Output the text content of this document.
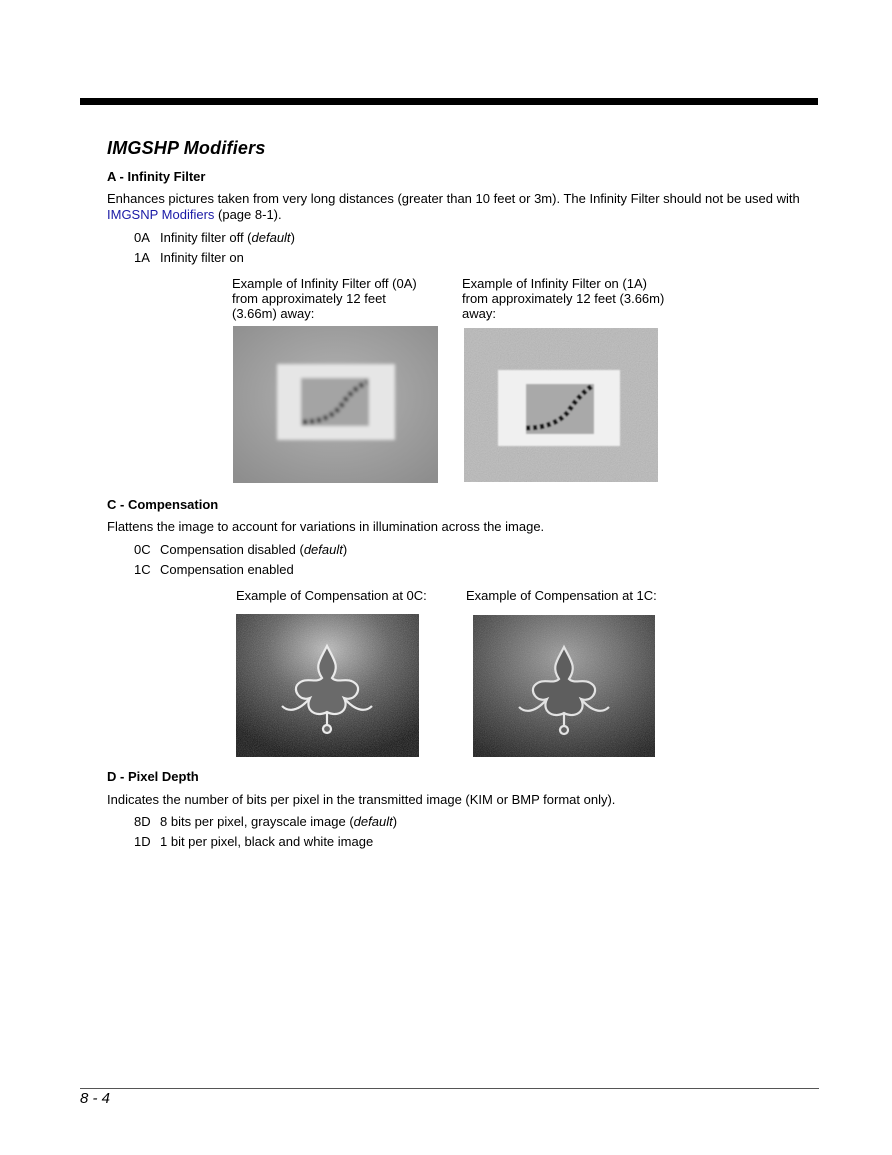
IMGSHP Modifiers
A - Infinity Filter
Enhances pictures taken from very long distances (greater than 10 feet or 3m). The Infinity Filter should not be used with IMGSNP Modifiers (page 8-1).
0A Infinity filter off (default)
1A Infinity filter on
Example of Infinity Filter off (0A)
from approximately 12 feet
(3.66m) away:
Example of Infinity Filter on (1A)
from approximately 12 feet (3.66m)
away:
C - Compensation
Flattens the image to account for variations in illumination across the image.
0C Compensation disabled (default)
1C Compensation enabled
Example of Compensation at 0C:	Example of Compensation at 1C:
D - Pixel Depth
Indicates the number of bits per pixel in the transmitted image (KIM or BMP format only).
8D 8 bits per pixel, grayscale image (default)
1D 1 bit per pixel, black and white image
8 - 4
